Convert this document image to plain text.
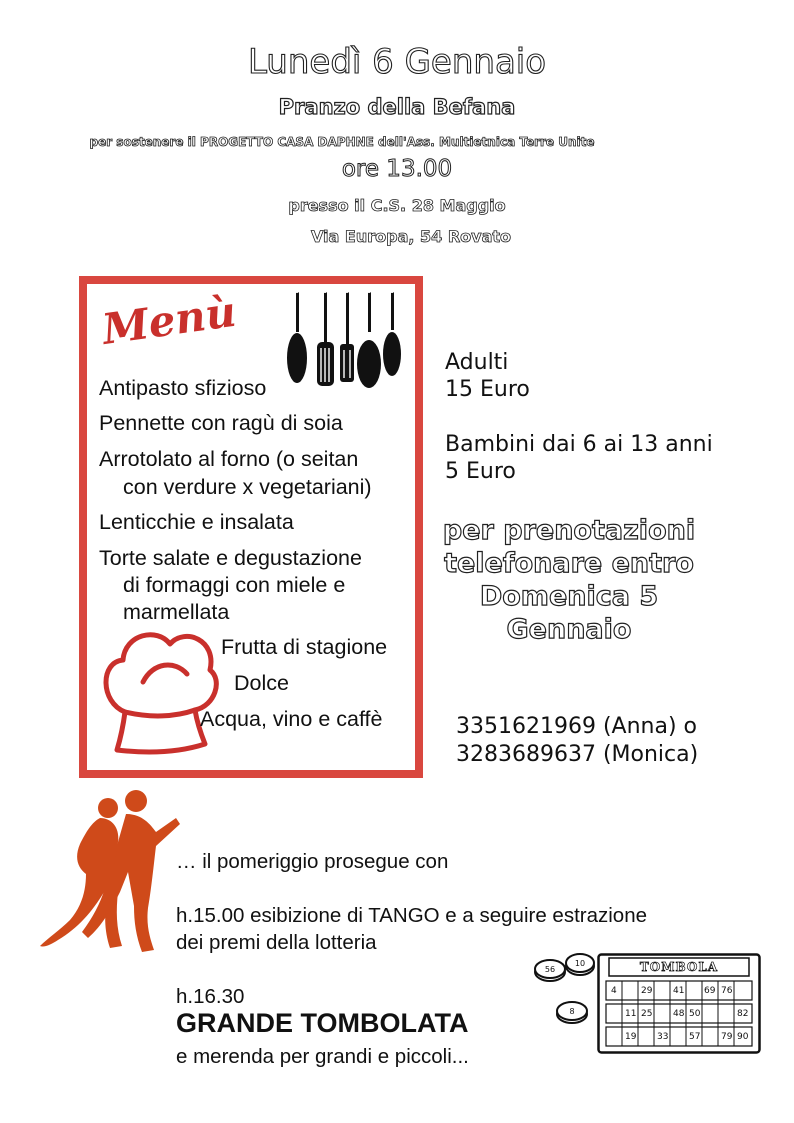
Lunedì 6 Gennaio
Pranzo della Befana
per sostenere il PROGETTO CASA DAPHNE dell'Ass. Multietnica Terre Unite
ore 13.00
presso il C.S. 28 Maggio
Via Europa, 54 Rovato
Menù
Antipasto sfizioso
Pennette con ragù di soia
Arrotolato al forno (o seitan
con verdure x vegetariani)
Lenticchie e insalata
Torte salate e degustazione
di formaggi con miele e
marmellata
Frutta di stagione
Dolce
Acqua, vino e caffè
Adulti
15 Euro
Bambini dai 6 ai 13 anni
5 Euro
per prenotazioni
telefonare entro
Domenica 5
Gennaio
3351621969 (Anna) o
3283689637 (Monica)
… il pomeriggio prosegue con
h.15.00 esibizione di TANGO e a seguire estrazione
dei premi della lotteria
h.16.30
GRANDE TOMBOLATA
e merenda per grandi e piccoli...
56
10
8
TOMBOLA
4	29 41 69 76
11 25 48 50	82
19 33 57 79 90
